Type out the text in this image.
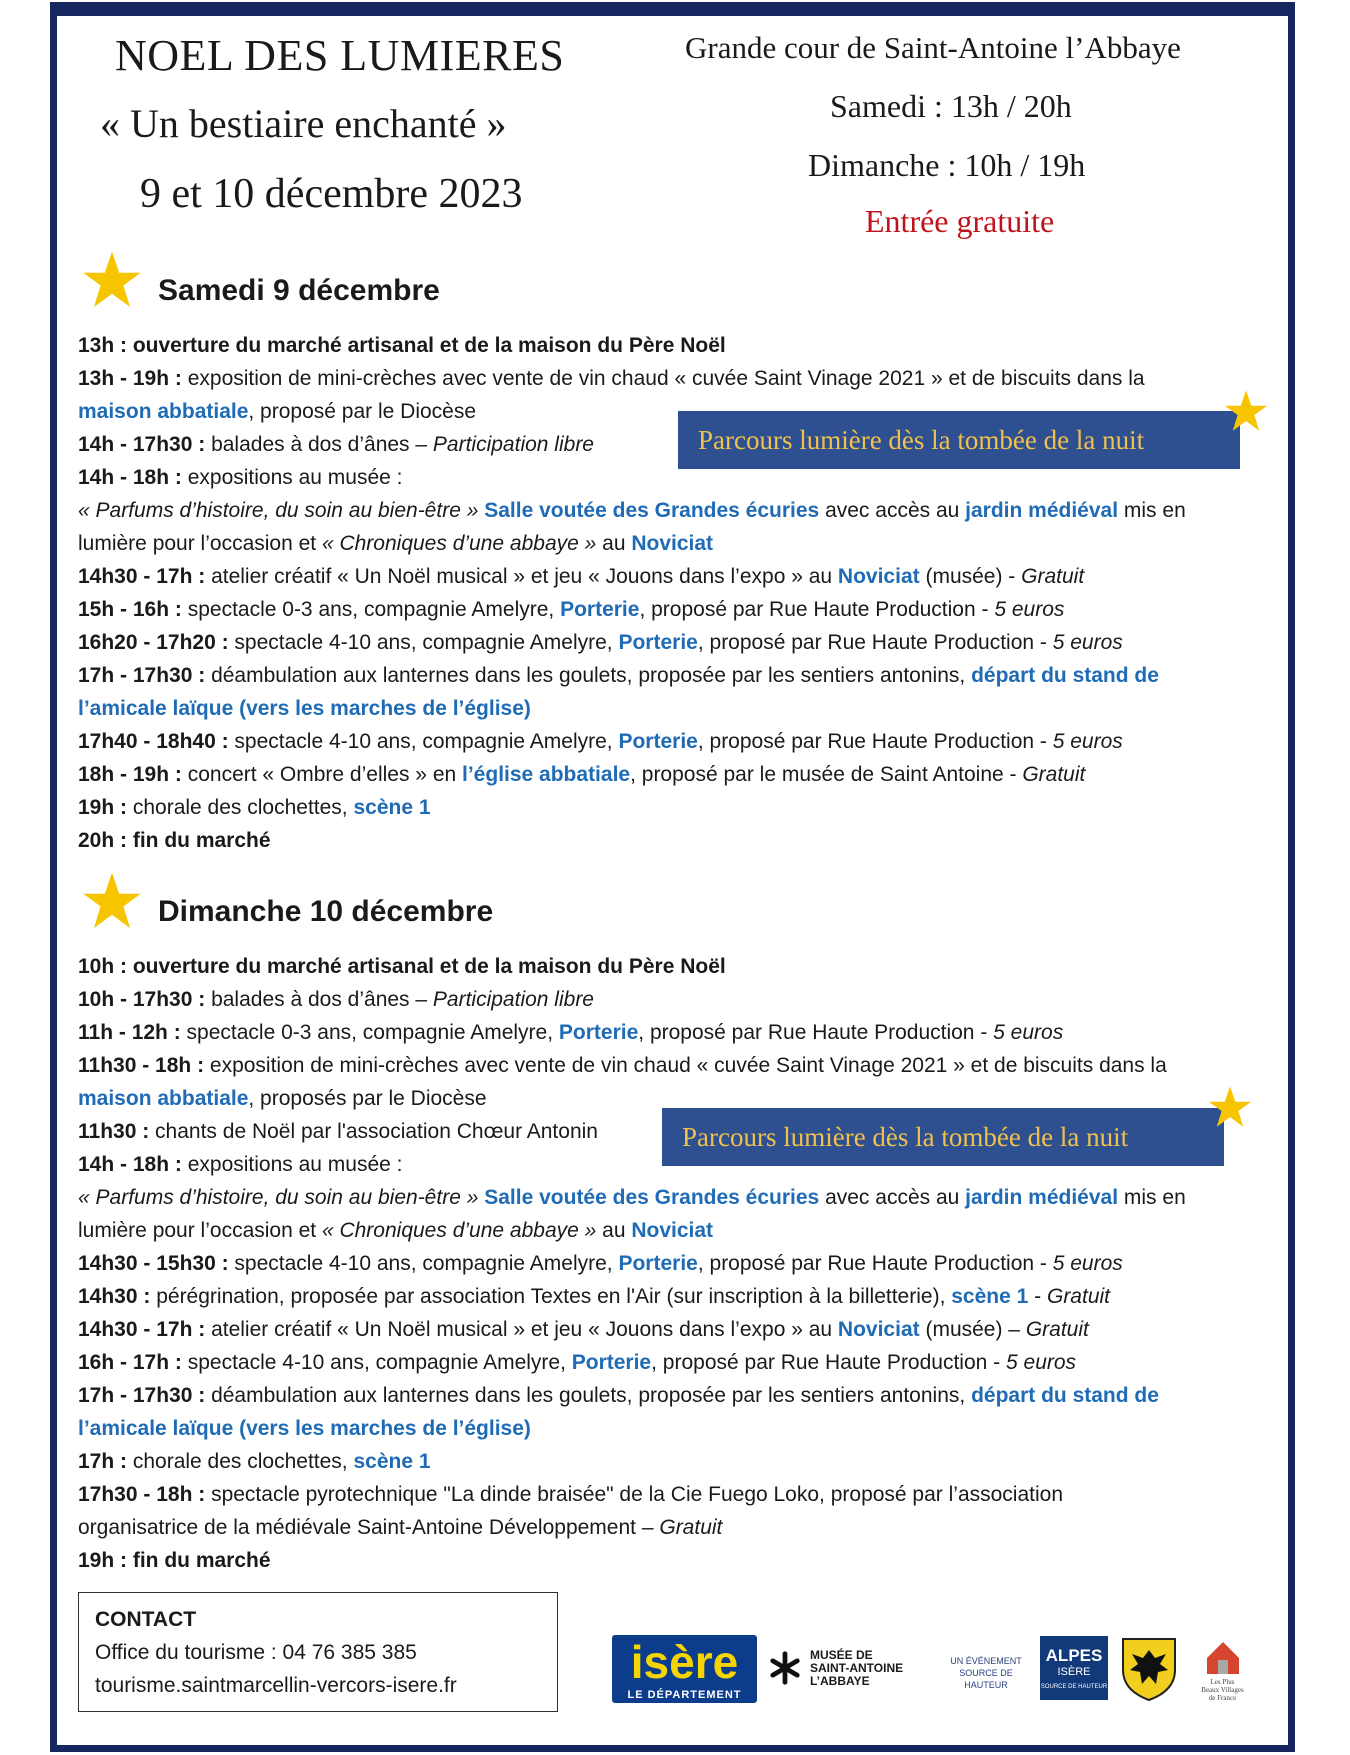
NOEL DES LUMIERES
« Un bestiaire enchanté »
9 et 10 décembre 2023
Grande cour de Saint-Antoine l’Abbaye
Samedi : 13h / 20h
Dimanche : 10h / 19h
Entrée gratuite
Samedi 9 décembre
13h : ouverture du marché artisanal et de la maison du Père Noël
13h - 19h : exposition de mini-crèches avec vente de vin chaud « cuvée Saint Vinage 2021 » et de biscuits dans la
maison abbatiale, proposé par le Diocèse
14h - 17h30 : balades à dos d’ânes – Participation libre
14h - 18h : expositions au musée :
« Parfums d’histoire, du soin au bien-être » Salle voutée des Grandes écuries avec accès au jardin médiéval mis en
lumière pour l’occasion et « Chroniques d’une abbaye » au Noviciat
14h30 - 17h : atelier créatif « Un Noël musical » et jeu « Jouons dans l’expo » au Noviciat (musée) - Gratuit
15h - 16h : spectacle 0-3 ans, compagnie Amelyre, Porterie, proposé par Rue Haute Production - 5 euros
16h20 - 17h20 : spectacle 4-10 ans, compagnie Amelyre, Porterie, proposé par Rue Haute Production - 5 euros
17h - 17h30 : déambulation aux lanternes dans les goulets, proposée par les sentiers antonins, départ du stand de
l’amicale laïque (vers les marches de l’église)
17h40 - 18h40 : spectacle 4-10 ans, compagnie Amelyre, Porterie, proposé par Rue Haute Production - 5 euros
18h - 19h : concert « Ombre d’elles » en l’église abbatiale, proposé par le musée de Saint Antoine - Gratuit
19h : chorale des clochettes, scène 1
20h : fin du marché
Parcours lumière dès la tombée de la nuit
Dimanche 10 décembre
10h : ouverture du marché artisanal et de la maison du Père Noël
10h - 17h30 : balades à dos d’ânes – Participation libre
11h - 12h : spectacle 0-3 ans, compagnie Amelyre, Porterie, proposé par Rue Haute Production - 5 euros
11h30 - 18h : exposition de mini-crèches avec vente de vin chaud « cuvée Saint Vinage 2021 » et de biscuits dans la
maison abbatiale, proposés par le Diocèse
11h30 : chants de Noël par l'association Chœur Antonin
14h - 18h : expositions au musée :
« Parfums d’histoire, du soin au bien-être » Salle voutée des Grandes écuries avec accès au jardin médiéval mis en
lumière pour l’occasion et « Chroniques d’une abbaye » au Noviciat
14h30 - 15h30 : spectacle 4-10 ans, compagnie Amelyre, Porterie, proposé par Rue Haute Production - 5 euros
14h30 : pérégrination, proposée par association Textes en l'Air (sur inscription à la billetterie), scène 1 - Gratuit
14h30 - 17h : atelier créatif « Un Noël musical » et jeu « Jouons dans l’expo » au Noviciat (musée) – Gratuit
16h - 17h : spectacle 4-10 ans, compagnie Amelyre, Porterie, proposé par Rue Haute Production - 5 euros
17h - 17h30 : déambulation aux lanternes dans les goulets, proposée par les sentiers antonins, départ du stand de
l’amicale laïque (vers les marches de l’église)
17h : chorale des clochettes, scène 1
17h30 - 18h : spectacle pyrotechnique "La dinde braisée" de la Cie Fuego Loko, proposé par l’association
organisatrice de la médiévale Saint-Antoine Développement – Gratuit
19h : fin du marché
Parcours lumière dès la tombée de la nuit
CONTACT
Office du tourisme : 04 76 385 385
tourisme.saintmarcellin-vercors-isere.fr	isère
LE DÉPARTEMENT
MUSÉE DE
SAINT-ANTOINE
L’ABBAYE
UN ÉVÉNEMENT
SOURCE DE HAUTEUR
ALPES
ISÈRE
SOURCE DE HAUTEUR
Les Plus
Beaux Villages
de France
